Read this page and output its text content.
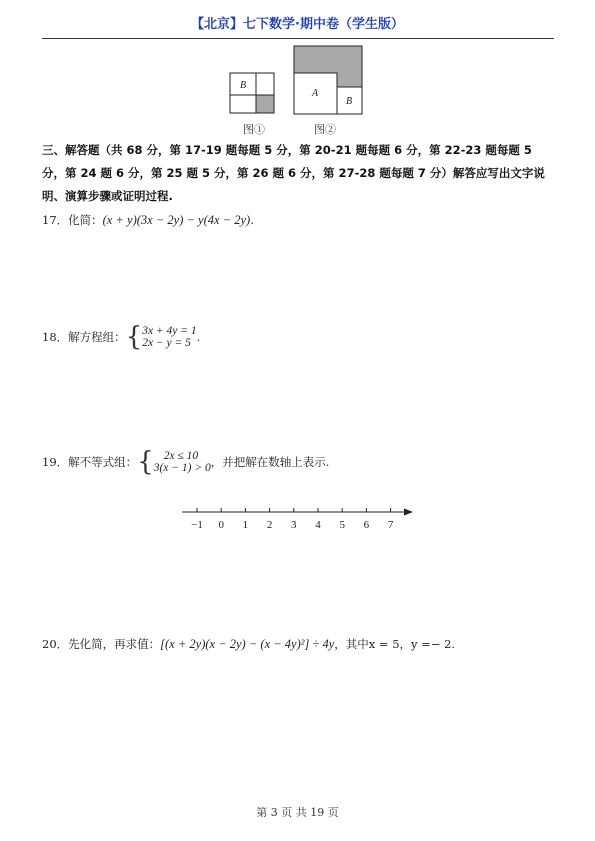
【北京】七下数学·期中卷（学生版）
B
A
B
图①	图②
三、解答题（共 68 分，第 17-19 题每题 5 分，第 20-21 题每题 6 分，第 22-23 题每题 5 分，第 24 题 6 分，第 25 题 5 分，第 26 题 6 分，第 27-28 题每题 7 分）解答应写出文字说明、演算步骤或证明过程.
17．化简：(x + y)(3x − 2y) − y(4x − 2y).
18．解方程组：{3x + 4y = 1
2x − y = 5 .
19．解不等式组：{ 2x ≤ 10
3(x − 1) > 0，并把解在数轴上表示.
−1 0 1 2 3 4 5 6 7
20．先化简，再求值：[(x + 2y)(x − 2y) − (x − 4y)²] ÷ 4y，其中x = 5，y =− 2.
第 3 页 共 19 页
